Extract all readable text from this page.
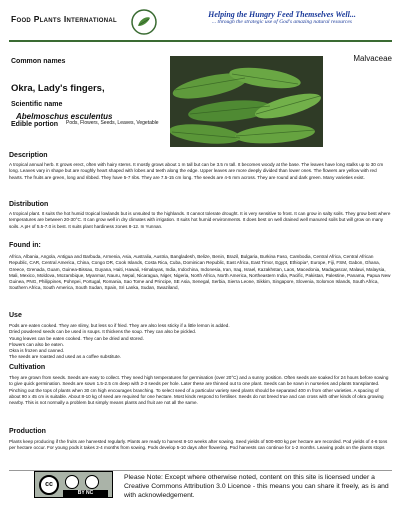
Food Plants International	Helping the Hungry Feed Themselves Well...
... through the strategic use of God's amazing natural resources
Common names	Malvaceae
Okra, Lady's fingers,
Scientific name
Abelmoschus esculentus
Edible portion Pods, Flowers, Seeds, Leaves, Vegetable
Description
A tropical annual herb. It grows erect, often with hairy stems. It mostly grows about 1 m tall but can be 3.5 m tall. It becomes woody at the base. The leaves have long stalks up to 30 cm long. Leaves vary in shape but are roughly heart shaped with lobes and teeth along the edge. Upper leaves are more deeply divided than lower ones. The flowers are yellow with red hearts. The fruits are green, long and ribbed. They have 5-7 ribs. They are 7.5-15 cm long. The seeds are 4-5 mm across. They are round and dark green. Many varieties exist.
Distribution
A tropical plant. It suits the hot humid tropical lowlands but is unsuited to the highlands. It cannot tolerate drought. It is very sensitive to frost. It can grow in salty soils. They grow best where temperatures are between 20-30°C. It can grow well in dry climates with irrigation. It suits hot humid environments. It does best on well drained well manured soils but will grow on many soils. A pH of 5.5-7.0 is best. It suits plant hardiness zones 8-12. In Yunnan.
Found in:
Africa, Albania, Angola, Antigua and Barbuda, Armenia, Asia, Australia, Austria, Bangladesh, Belize, Benin, Brazil, Bulgaria, Burkina Faso, Cambodia, Central Africa, Central African Republic, CAR, Central America, China, Congo DR, Cook Islands, Costa Rica, Cuba, Dominican Republic, East Africa, East Timor, Egypt, Ethiopia*, Europe, Fiji, FSM, Gabon, Ghana, Greece, Grenada, Guam, Guinea-Bissau, Guyana, Haiti, Hawaii, Himalayas, India, Indochina, Indonesia, Iran, Iraq, Israel, Kazakhstan, Laos, Macedonia, Madagascar, Malawi, Malaysia, Mali, Mexico, Moldova, Mozambique, Myanmar, Nauru, Nepal, Nicaragua, Niger, Nigeria, North Africa, North America, Northeastern India, Pacific, Pakistan, Palestine, Panama, Papua New Guinea, PNG, Philippines, Pohnpei, Portugal, Romania, Sao Tome and Principe, SE Asia, Senegal, Serbia, Sierra Leone, Sikkim, Singapore, Slovenia, Solomon Islands, South Africa, Southern Africa, South America, South Sudan, Spain, Sri Lanka, Sudan, Swaziland,
Use
Pods are eaten cooked. They are slimy, but less so if fried. They are also less sticky if a little lemon is added.
Dried powdered seeds can be used in soups. It thickens the soup. They can also be pickled.
Young leaves can be eaten cooked. They can be dried and stored.
Flowers can also be eaten.
Okra is frozen and canned.
The seeds are roasted and used as a coffee substitute.
Cultivation
They are grown from seeds. Seeds are easy to collect. They need high temperatures for germination (over 20°C) and a sunny position. Often seeds are soaked for 24 hours before sowing to give quick germination. Seeds are sown 1.5-2.5 cm deep with 2-3 seeds per hole. Later these are thinned out to one plant. Seeds can be sown in nurseries and plants transplanted. Pinching out the tops of plants when 30 cm high encourages branching. To select seed of a particular variety seed plants should be separated 400 m from other varieties. A spacing of about 90 x 45 cm is suitable. About 8-10 kg of seed are required for one hectare. Most kinds respond to fertiliser. Seeds do not breed true and can cross with other kinds of okra growing nearby. This is not normally a problem but simply means plants and fruit are not all the same.
Production
Plants keep producing if the fruits are harvested regularly. Plants are ready to harvest 8-10 weeks after sowing. Seed yields of 500-800 kg per hectare are recorded. Pod yields of 4-6 tons per hectare occur. For young pods it takes 2-4 months from sowing. Pods develop 5-10 days after flowering. Pod harvests can continue for 1-2 months. Leaving pods on the plants stops
cc
BY NC
Please Note: Except where otherwise noted, content on this site is licensed under a Creative Commons Attribution 3.0 Licence - this means you can share it freely, as is and with acknowledgement.
